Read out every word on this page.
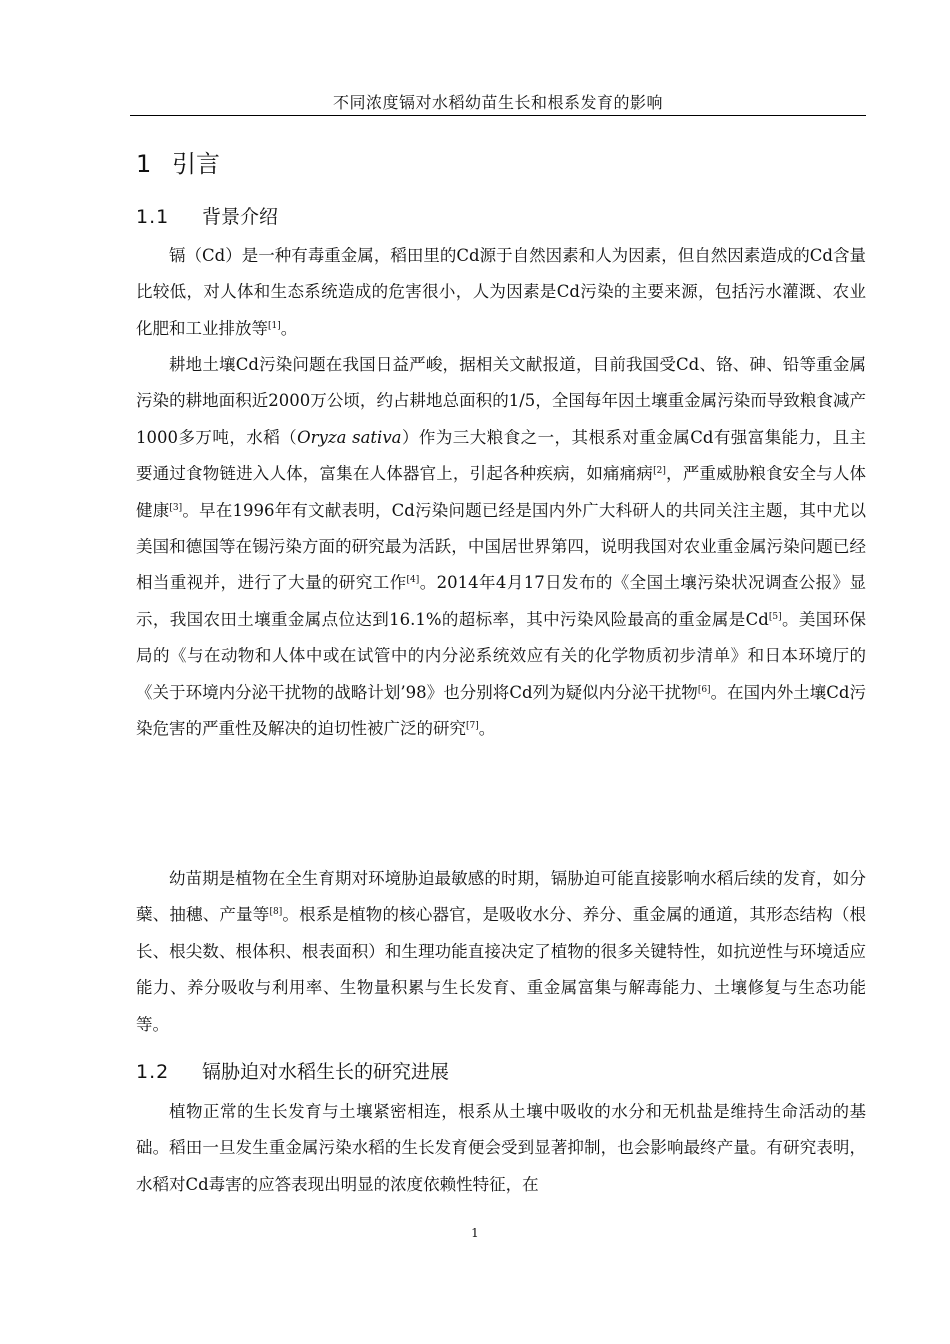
不同浓度镉对水稻幼苗生长和根系发育的影响
1 引言
1.1 背景介绍

镉（Cd）是一种有毒重金属，稻田里的Cd源于自然因素和人为因素，但自然因素造成的Cd含量比较低，对人体和生态系统造成的危害很小，人为因素是Cd污染的主要来源，包括污水灌溉、农业化肥和工业排放等[1]。

耕地土壤Cd污染问题在我国日益严峻，据相关文献报道，目前我国受Cd、铬、砷、铅等重金属污染的耕地面积近2000万公顷，约占耕地总面积的1/5，全国每年因土壤重金属污染而导致粮食减产1000多万吨，水稻（Oryza sativa）作为三大粮食之一，其根系对重金属Cd有强富集能力，且主要通过食物链进入人体，富集在人体器官上，引起各种疾病，如痛痛病[2]，严重威胁粮食安全与人体健康[3]。早在1996年有文献表明，Cd污染问题已经是国内外广大科研人的共同关注主题，其中尤以美国和德国等在锡污染方面的研究最为活跃，中国居世界第四，说明我国对农业重金属污染问题已经相当重视并，进行了大量的研究工作[4]。2014年4月17日发布的《全国土壤污染状况调查公报》显示，我国农田土壤重金属点位达到16.1%的超标率，其中污染风险最高的重金属是Cd[5]。美国环保局的《与在动物和人体中或在试管中的内分泌系统效应有关的化学物质初步清单》和日本环境厅的《关于环境内分泌干扰物的战略计划’98》也分别将Cd列为疑似内分泌干扰物[6]。在国内外土壤Cd污染危害的严重性及解决的迫切性被广泛的研究[7]。

幼苗期是植物在全生育期对环境胁迫最敏感的时期，镉胁迫可能直接影响水稻后续的发育，如分蘖、抽穗、产量等[8]。根系是植物的核心器官，是吸收水分、养分、重金属的通道，其形态结构（根长、根尖数、根体积、根表面积）和生理功能直接决定了植物的很多关键特性，如抗逆性与环境适应能力、养分吸收与利用率、生物量积累与生长发育、重金属富集与解毒能力、土壤修复与生态功能等。

1.2 镉胁迫对水稻生长的研究进展

植物正常的生长发育与土壤紧密相连，根系从土壤中吸收的水分和无机盐是维持生命活动的基础。稻田一旦发生重金属污染水稻的生长发育便会受到显著抑制，也会影响最终产量。有研究表明，水稻对Cd毒害的应答表现出明显的浓度依赖性特征，在

1
